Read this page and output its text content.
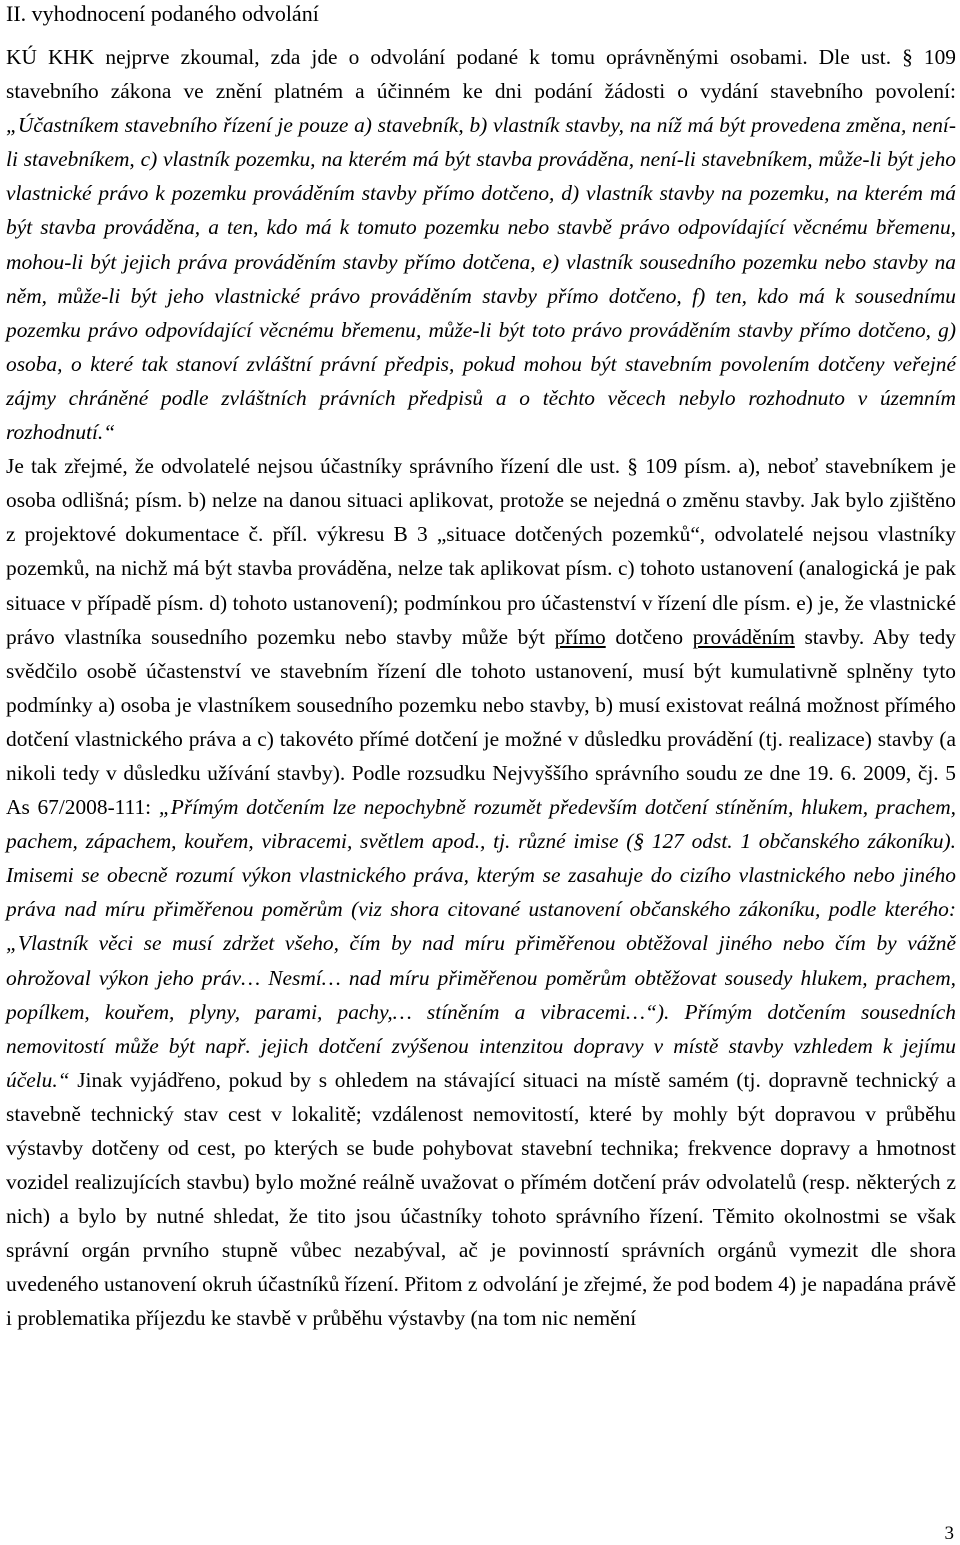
II. vyhodnocení podaného odvolání

KÚ KHK nejprve zkoumal, zda jde o odvolání podané k tomu oprávněnými osobami. Dle ust. § 109 stavebního zákona ve znění platném a účinném ke dni podání žádosti o vydání stavebního povolení: „Účastníkem stavebního řízení je pouze a) stavebník, b) vlastník stavby, na níž má být provedena změna, není-li stavebníkem, c) vlastník pozemku, na kterém má být stavba prováděna, není-li stavebníkem, může-li být jeho vlastnické právo k pozemku prováděním stavby přímo dotčeno, d) vlastník stavby na pozemku, na kterém má být stavba prováděna, a ten, kdo má k tomuto pozemku nebo stavbě právo odpovídající věcnému břemenu, mohou-li být jejich práva prováděním stavby přímo dotčena, e) vlastník sousedního pozemku nebo stavby na něm, může-li být jeho vlastnické právo prováděním stavby přímo dotčeno, f) ten, kdo má k sousednímu pozemku právo odpovídající věcnému břemenu, může-li být toto právo prováděním stavby přímo dotčeno, g) osoba, o které tak stanoví zvláštní právní předpis, pokud mohou být stavebním povolením dotčeny veřejné zájmy chráněné podle zvláštních právních předpisů a o těchto věcech nebylo rozhodnuto v územním rozhodnutí.“

Je tak zřejmé, že odvolatelé nejsou účastníky správního řízení dle ust. § 109 písm. a), neboť stavebníkem je osoba odlišná; písm. b) nelze na danou situaci aplikovat, protože se nejedná o změnu stavby. Jak bylo zjištěno z projektové dokumentace č. příl. výkresu B 3 „situace dotčených pozemků“, odvolatelé nejsou vlastníky pozemků, na nichž má být stavba prováděna, nelze tak aplikovat písm. c) tohoto ustanovení (analogická je pak situace v případě písm. d) tohoto ustanovení); podmínkou pro účastenství v řízení dle písm. e) je, že vlastnické právo vlastníka sousedního pozemku nebo stavby může být přímo dotčeno prováděním stavby. Aby tedy svědčilo osobě účastenství ve stavebním řízení dle tohoto ustanovení, musí být kumulativně splněny tyto podmínky a) osoba je vlastníkem sousedního pozemku nebo stavby, b) musí existovat reálná možnost přímého dotčení vlastnického práva a c) takovéto přímé dotčení je možné v důsledku provádění (tj. realizace) stavby (a nikoli tedy v důsledku užívání stavby). Podle rozsudku Nejvyššího správního soudu ze dne 19. 6. 2009, čj. 5 As 67/2008-111: „Přímým dotčením lze nepochybně rozumět především dotčení stíněním, hlukem, prachem, pachem, zápachem, kouřem, vibracemi, světlem apod., tj. různé imise (§ 127 odst. 1 občanského zákoníku). Imisemi se obecně rozumí výkon vlastnického práva, kterým se zasahuje do cizího vlastnického nebo jiného práva nad míru přiměřenou poměrům (viz shora citované ustanovení občanského zákoníku, podle kterého: „Vlastník věci se musí zdržet všeho, čím by nad míru přiměřenou obtěžoval jiného nebo čím by vážně ohrožoval výkon jeho práv… Nesmí… nad míru přiměřenou poměrům obtěžovat sousedy hlukem, prachem, popílkem, kouřem, plyny, parami, pachy,… stíněním a vibracemi…“). Přímým dotčením sousedních nemovitostí může být např. jejich dotčení zvýšenou intenzitou dopravy v místě stavby vzhledem k jejímu účelu.“ Jinak vyjádřeno, pokud by s ohledem na stávající situaci na místě samém (tj. dopravně technický a stavebně technický stav cest v lokalitě; vzdálenost nemovitostí, které by mohly být dopravou v průběhu výstavby dotčeny od cest, po kterých se bude pohybovat stavební technika; frekvence dopravy a hmotnost vozidel realizujících stavbu) bylo možné reálně uvažovat o přímém dotčení práv odvolatelů (resp. některých z nich) a bylo by nutné shledat, že tito jsou účastníky tohoto správního řízení. Těmito okolnostmi se však správní orgán prvního stupně vůbec nezabýval, ač je povinností správních orgánů vymezit dle shora uvedeného ustanovení okruh účastníků řízení. Přitom z odvolání je zřejmé, že pod bodem 4) je napadána právě i problematika příjezdu ke stavbě v průběhu výstavby (na tom nic nemění

3
